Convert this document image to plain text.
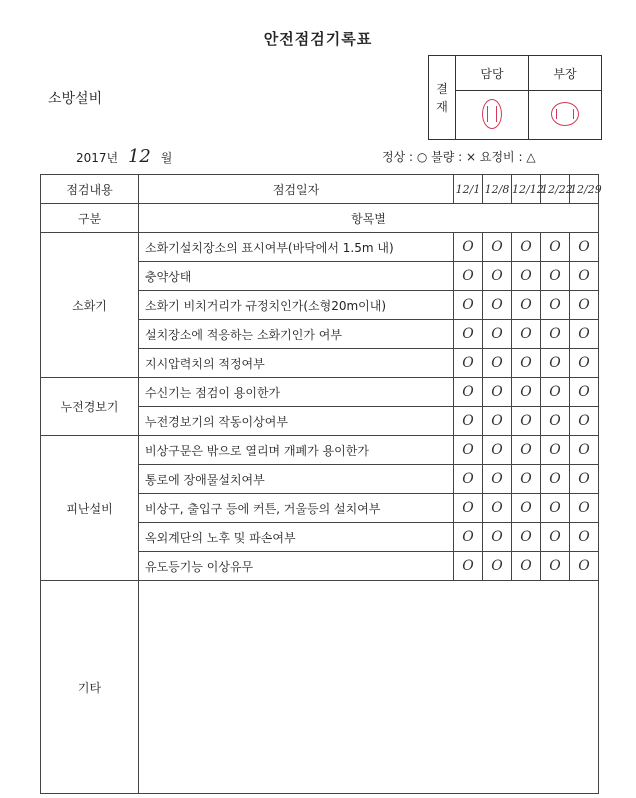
안전점검기록표
소방설비
결
재	담당	부장

2017년 12 월	정상 : ○ 불량 : × 요정비 : △
점검내용	점검일자	12/1	12/8	12/12	12/22	12/29
구분	항목별					
소화기	소화기설치장소의 표시여부(바닥에서 1.5m 내)	O	O	O	O	O
	충약상태	O	O	O	O	O
	소화기 비치거리가 규정치인가(소형20m이내)	O	O	O	O	O
	설치장소에 적응하는 소화기인가 여부	O	O	O	O	O
	지시압력치의 적정여부	O	O	O	O	O
누전경보기	수신기는 점검이 용이한가	O	O	O	O	O
	누전경보기의 작동이상여부	O	O	O	O	O
피난설비	비상구문은 밖으로 열리며 개폐가 용이한가	O	O	O	O	O
	통로에 장애물설치여부	O	O	O	O	O
	비상구, 출입구 등에 커튼, 거울등의 설치여부	O	O	O	O	O
	옥외계단의 노후 및 파손여부	O	O	O	O	O
	유도등기능 이상유무	O	O	O	O	O
기타						
